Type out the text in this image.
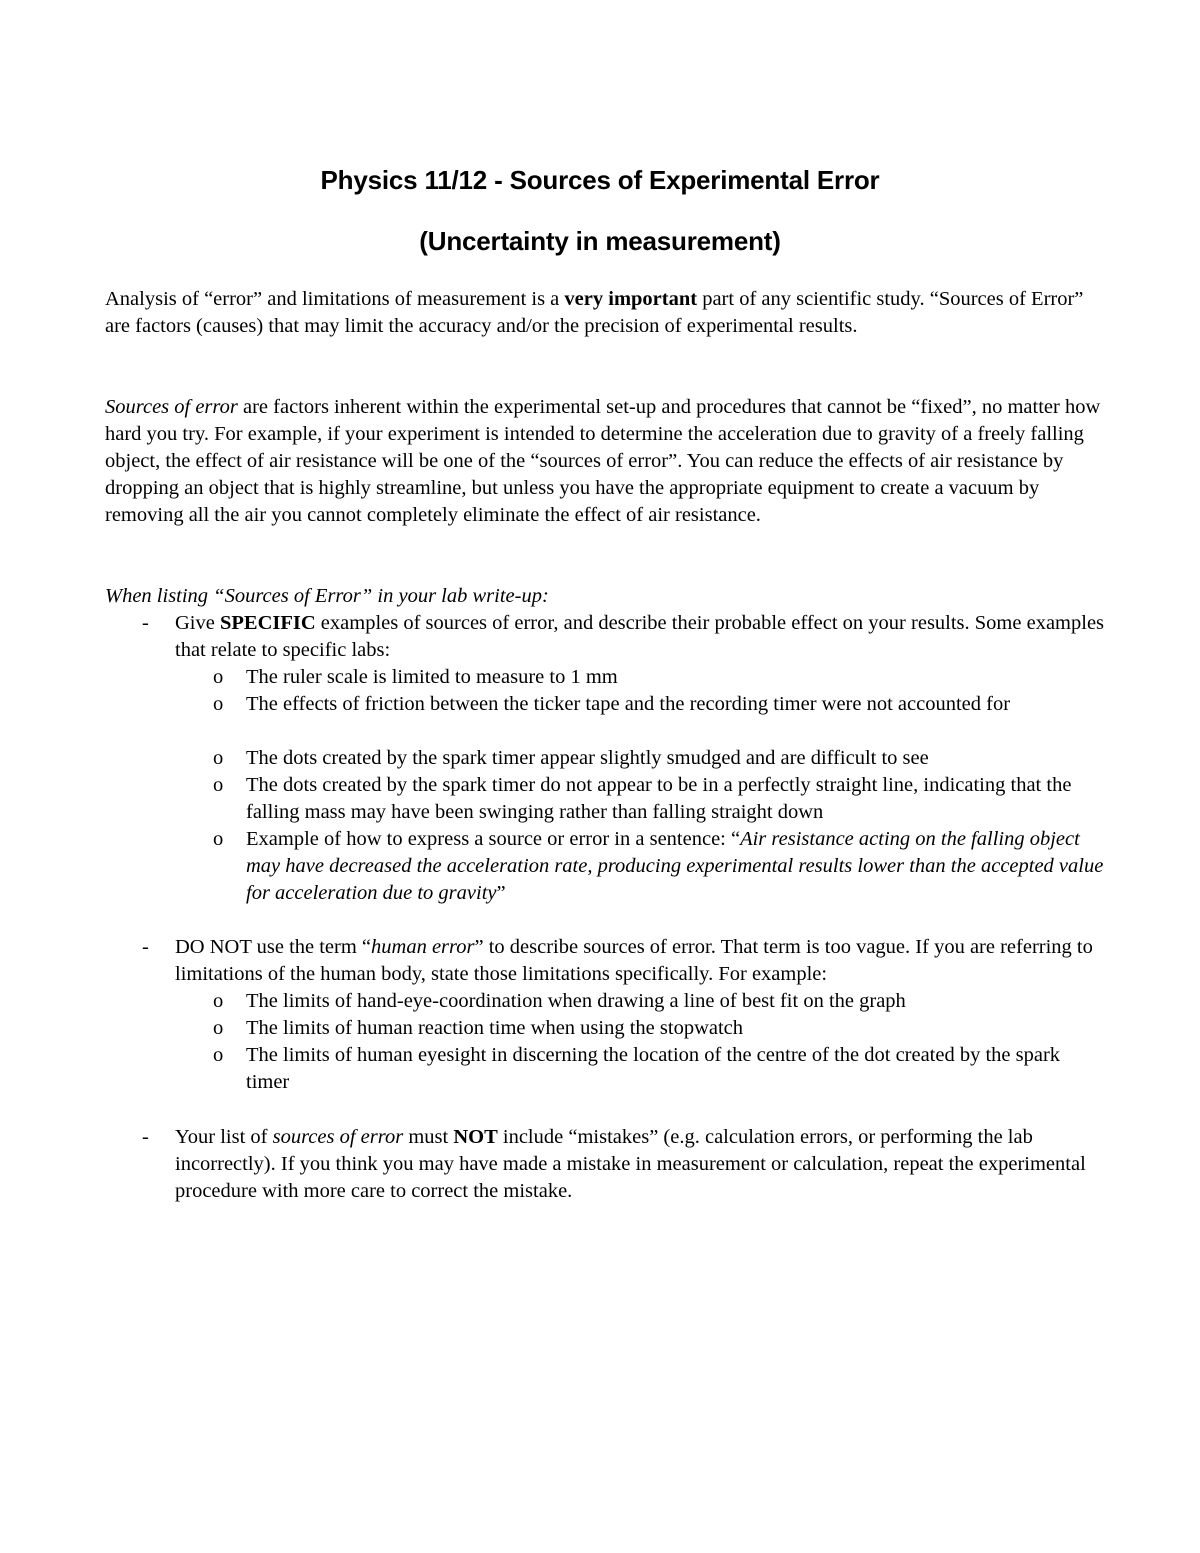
Physics 11/12 - Sources of Experimental Error
(Uncertainty in measurement)
Analysis of “error” and limitations of measurement is a very important part of any scientific study. “Sources of Error” are factors (causes) that may limit the accuracy and/or the precision of experimental results.
Sources of error are factors inherent within the experimental set-up and procedures that cannot be “fixed”, no matter how hard you try. For example, if your experiment is intended to determine the acceleration due to gravity of a freely falling object, the effect of air resistance will be one of the “sources of error”. You can reduce the effects of air resistance by dropping an object that is highly streamline, but unless you have the appropriate equipment to create a vacuum by removing all the air you cannot completely eliminate the effect of air resistance.
When listing “Sources of Error” in your lab write-up:
- Give SPECIFIC examples of sources of error, and describe their probable effect on your results. Some examples that relate to specific labs:
o The ruler scale is limited to measure to 1 mm
o The effects of friction between the ticker tape and the recording timer were not accounted for
o The dots created by the spark timer appear slightly smudged and are difficult to see
o The dots created by the spark timer do not appear to be in a perfectly straight line, indicating that the falling mass may have been swinging rather than falling straight down
o Example of how to express a source or error in a sentence: “Air resistance acting on the falling object may have decreased the acceleration rate, producing experimental results lower than the accepted value for acceleration due to gravity”
- DO NOT use the term “human error” to describe sources of error. That term is too vague. If you are referring to limitations of the human body, state those limitations specifically. For example:
o The limits of hand-eye-coordination when drawing a line of best fit on the graph
o The limits of human reaction time when using the stopwatch
o The limits of human eyesight in discerning the location of the centre of the dot created by the spark timer
- Your list of sources of error must NOT include “mistakes” (e.g. calculation errors, or performing the lab incorrectly). If you think you may have made a mistake in measurement or calculation, repeat the experimental procedure with more care to correct the mistake.
